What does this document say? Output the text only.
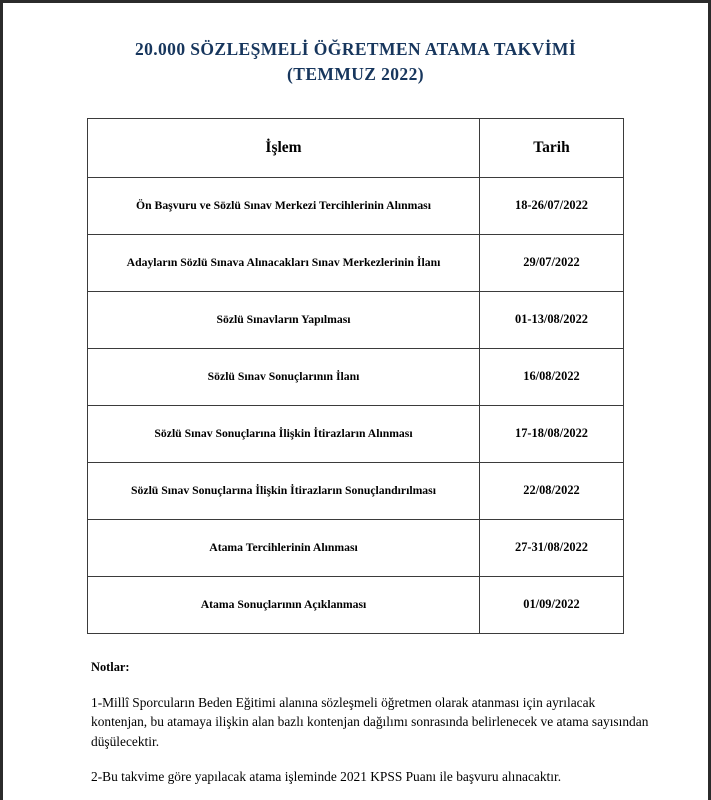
20.000 SÖZLEŞMELİ ÖĞRETMEN ATAMA TAKVİMİ
(TEMMUZ 2022)
İşlem	Tarih
Ön Başvuru ve Sözlü Sınav Merkezi Tercihlerinin Alınması	18-26/07/2022
Adayların Sözlü Sınava Alınacakları Sınav Merkezlerinin İlanı	29/07/2022
Sözlü Sınavların Yapılması	01-13/08/2022
Sözlü Sınav Sonuçlarının İlanı	16/08/2022
Sözlü Sınav Sonuçlarına İlişkin İtirazların Alınması	17-18/08/2022
Sözlü Sınav Sonuçlarına İlişkin İtirazların Sonuçlandırılması	22/08/2022
Atama Tercihlerinin Alınması	27-31/08/2022
Atama Sonuçlarının Açıklanması	01/09/2022
Notlar:
1-Millî Sporcuların Beden Eğitimi alanına sözleşmeli öğretmen olarak atanması için ayrılacak kontenjan, bu atamaya ilişkin alan bazlı kontenjan dağılımı sonrasında belirlenecek ve atama sayısından düşülecektir.
2-Bu takvime göre yapılacak atama işleminde 2021 KPSS Puanı ile başvuru alınacaktır.
